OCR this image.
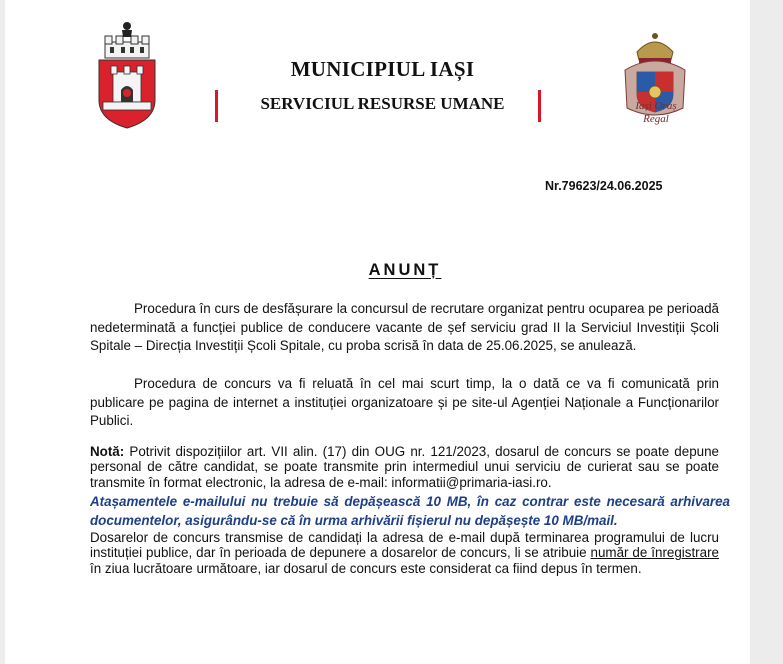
MUNICIPIUL IAȘI
SERVICIUL RESURSE UMANE	Iași Oraș Regal
Nr.79623/24.06.2025
ANUNȚ

Procedura în curs de desfășurare la concursul de recrutare organizat pentru ocuparea pe perioadă nedeterminată a funcției publice de conducere vacante de șef serviciu grad II la Serviciul Investiții Școli Spitale – Direcția Investiții Școli Spitale, cu proba scrisă în data de 25.06.2025, se anulează.

Procedura de concurs va fi reluată în cel mai scurt timp, la o dată ce va fi comunicată prin publicare pe pagina de internet a instituției organizatoare și pe site-ul Agenției Naționale a Funcționarilor Publici.

Notă: Potrivit dispozițiilor art. VII alin. (17) din OUG nr. 121/2023, dosarul de concurs se poate depune personal de către candidat, se poate transmite prin intermediul unui serviciu de curierat sau se poate transmite în format electronic, la adresa de e-mail: informatii@primaria-iasi.ro.

Atașamentele e-mailului nu trebuie să depășească 10 MB, în caz contrar este necesară arhivarea documentelor, asigurându-se că în urma arhivării fișierul nu depășește 10 MB/mail.

Dosarelor de concurs transmise de candidați la adresa de e-mail după terminarea programului de lucru instituției publice, dar în perioada de depunere a dosarelor de concurs, li se atribuie număr de înregistrare în ziua lucrătoare următoare, iar dosarul de concurs este considerat ca fiind depus în termen.
